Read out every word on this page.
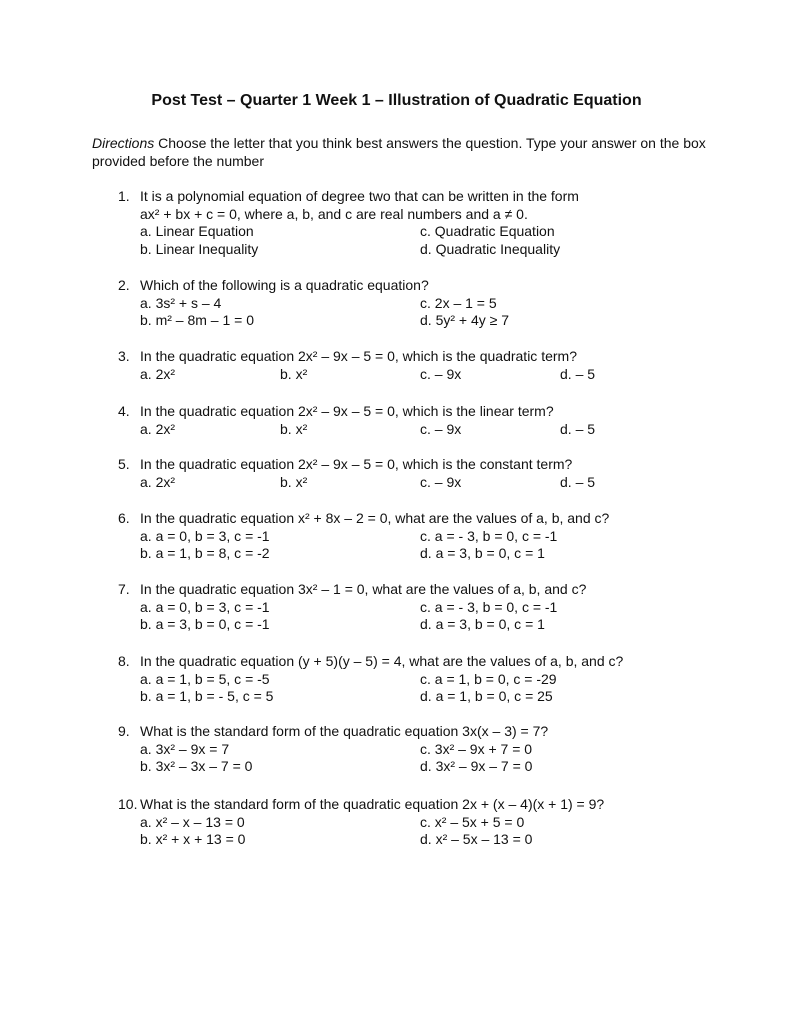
Post Test – Quarter 1 Week 1 – Illustration of Quadratic Equation
Directions Choose the letter that you think best answers the question. Type your answer on the box provided before the number
1. It is a polynomial equation of degree two that can be written in the form
ax² + bx + c = 0, where a, b, and c are real numbers and a ≠ 0.
a. Linear Equation	c. Quadratic Equation
b. Linear Inequality	d. Quadratic Inequality
2. Which of the following is a quadratic equation?
a. 3s² + s – 4	c. 2x – 1 = 5
b. m² – 8m – 1 = 0	d. 5y² + 4y ≥ 7
3. In the quadratic equation 2x² – 9x – 5 = 0, which is the quadratic term?
a. 2x²	b. x²	c. – 9x	d. – 5
4. In the quadratic equation 2x² – 9x – 5 = 0, which is the linear term?
a. 2x²	b. x²	c. – 9x	d. – 5
5. In the quadratic equation 2x² – 9x – 5 = 0, which is the constant term?
a. 2x²	b. x²	c. – 9x	d. – 5
6. In the quadratic equation x² + 8x – 2 = 0, what are the values of a, b, and c?
a. a = 0, b = 3, c = -1	c. a = - 3, b = 0, c = -1
b. a = 1, b = 8, c = -2	d. a = 3, b = 0, c = 1
7. In the quadratic equation 3x² – 1 = 0, what are the values of a, b, and c?
a. a = 0, b = 3, c = -1	c. a = - 3, b = 0, c = -1
b. a = 3, b = 0, c = -1	d. a = 3, b = 0, c = 1
8. In the quadratic equation (y + 5)(y – 5) = 4, what are the values of a, b, and c?
a. a = 1, b = 5, c = -5	c. a = 1, b = 0, c = -29
b. a = 1, b = - 5, c = 5	d. a = 1, b = 0, c = 25
9. What is the standard form of the quadratic equation 3x(x – 3) = 7?
a. 3x² – 9x = 7	c. 3x² – 9x + 7 = 0
b. 3x² – 3x – 7 = 0	d. 3x² – 9x – 7 = 0
10. What is the standard form of the quadratic equation 2x + (x – 4)(x + 1) = 9?
a. x² – x – 13 = 0	c. x² – 5x + 5 = 0
b. x² + x + 13 = 0	d. x² – 5x – 13 = 0
